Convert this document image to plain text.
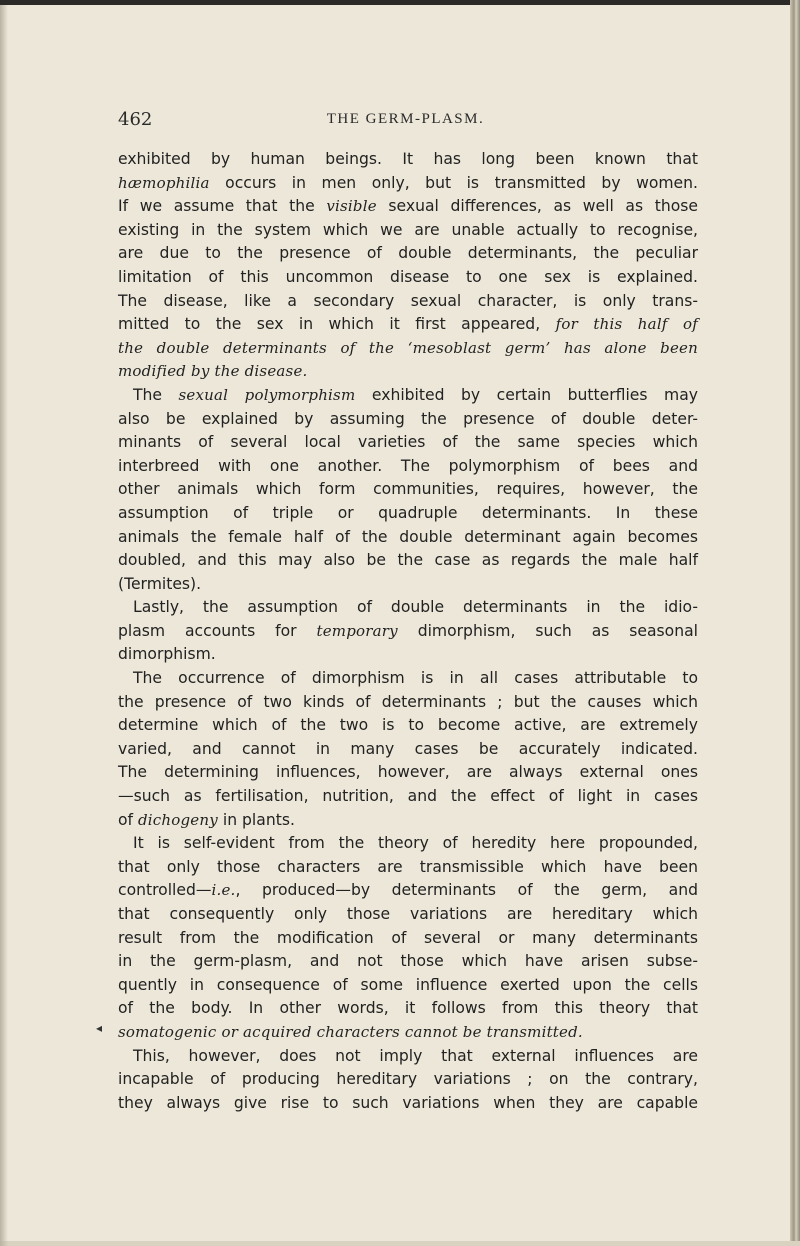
462	THE GERM-PLASM.
exhibited by human beings. It has long been known that
hæmophilia occurs in men only, but is transmitted by women.
If we assume that the visible sexual differences, as well as those
existing in the system which we are unable actually to recognise,
are due to the presence of double determinants, the peculiar
limitation of this uncommon disease to one sex is explained.
The disease, like a secondary sexual character, is only trans-
mitted to the sex in which it first appeared, for this half of
the double determinants of the ‘mesoblast germ’ has alone been
modified by the disease.
The sexual polymorphism exhibited by certain butterflies may
also be explained by assuming the presence of double deter-
minants of several local varieties of the same species which
interbreed with one another. The polymorphism of bees and
other animals which form communities, requires, however, the
assumption of triple or quadruple determinants. In these
animals the female half of the double determinant again becomes
doubled, and this may also be the case as regards the male half
(Termites).
Lastly, the assumption of double determinants in the idio-
plasm accounts for temporary dimorphism, such as seasonal
dimorphism.
The occurrence of dimorphism is in all cases attributable to
the presence of two kinds of determinants ; but the causes which
determine which of the two is to become active, are extremely
varied, and cannot in many cases be accurately indicated.
The determining influences, however, are always external ones
—such as fertilisation, nutrition, and the effect of light in cases
of dichogeny in plants.
It is self-evident from the theory of heredity here propounded,
that only those characters are transmissible which have been
controlled—i.e., produced—by determinants of the germ, and
that consequently only those variations are hereditary which
result from the modification of several or many determinants
in the germ-plasm, and not those which have arisen subse-
quently in consequence of some influence exerted upon the cells
of the body. In other words, it follows from this theory that
somatogenic or acquired characters cannot be transmitted.
This, however, does not imply that external influences are
incapable of producing hereditary variations ; on the contrary,
they always give rise to such variations when they are capable
◂
